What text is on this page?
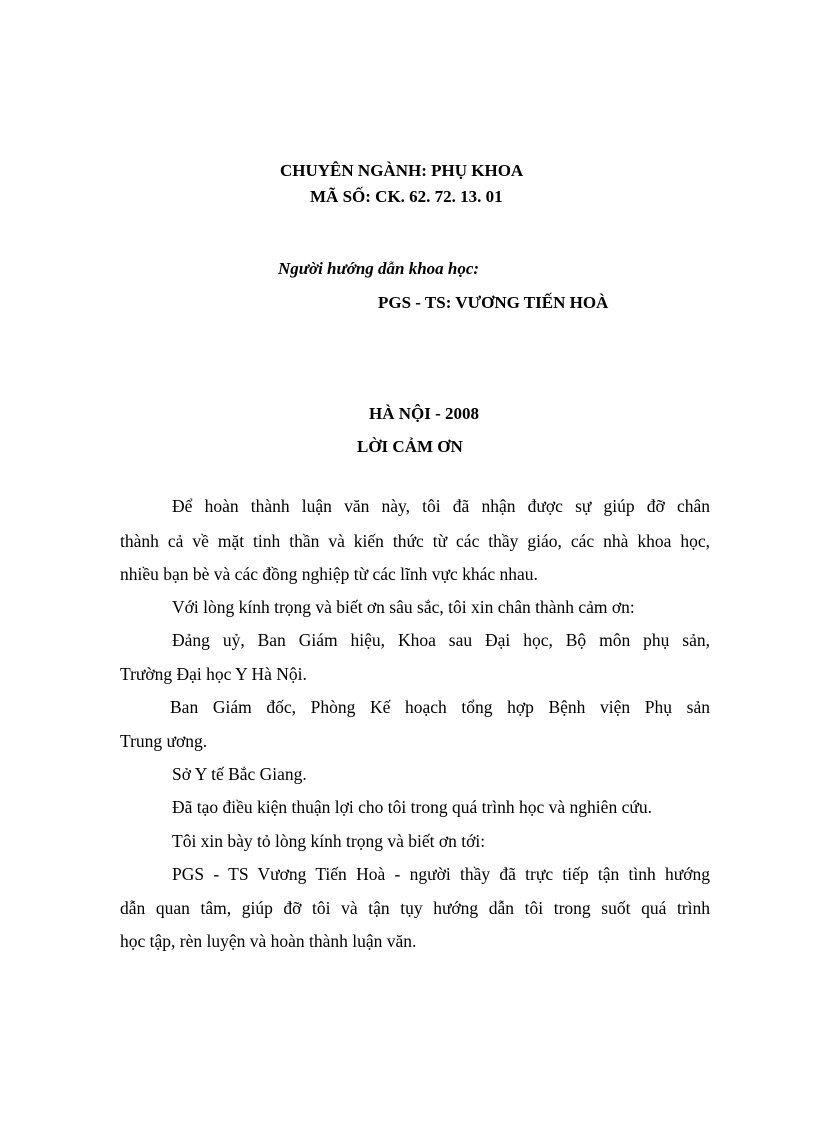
CHUYÊN NGÀNH: PHỤ KHOA
MÃ SỐ: CK. 62. 72. 13. 01
Người hướng dẫn khoa học:
PGS - TS: VƯƠNG TIẾN HOÀ
HÀ NỘI - 2008
LỜI CẢM ƠN
Để hoàn thành luận văn này, tôi đã nhận được sự giúp đỡ chân
thành cả về mặt tinh thần và kiến thức từ các thầy giáo, các nhà khoa học,
nhiều bạn bè và các đồng nghiệp từ các lĩnh vực khác nhau.
Với lòng kính trọng và biết ơn sâu sắc, tôi xin chân thành cảm ơn:
Đảng uỷ, Ban Giám hiệu, Khoa sau Đại học, Bộ môn phụ sản,
Trường Đại học Y Hà Nội.
Ban Giám đốc, Phòng Kế hoạch tổng hợp Bệnh viện Phụ sản
Trung ương.
Sở Y tế Bắc Giang.
Đã tạo điều kiện thuận lợi cho tôi trong quá trình học và nghiên cứu.
Tôi xin bày tỏ lòng kính trọng và biết ơn tới:
PGS - TS Vương Tiến Hoà - người thầy đã trực tiếp tận tình hướng
dẫn quan tâm, giúp đỡ tôi và tận tụy hướng dẫn tôi trong suốt quá trình
học tập, rèn luyện và hoàn thành luận văn.
